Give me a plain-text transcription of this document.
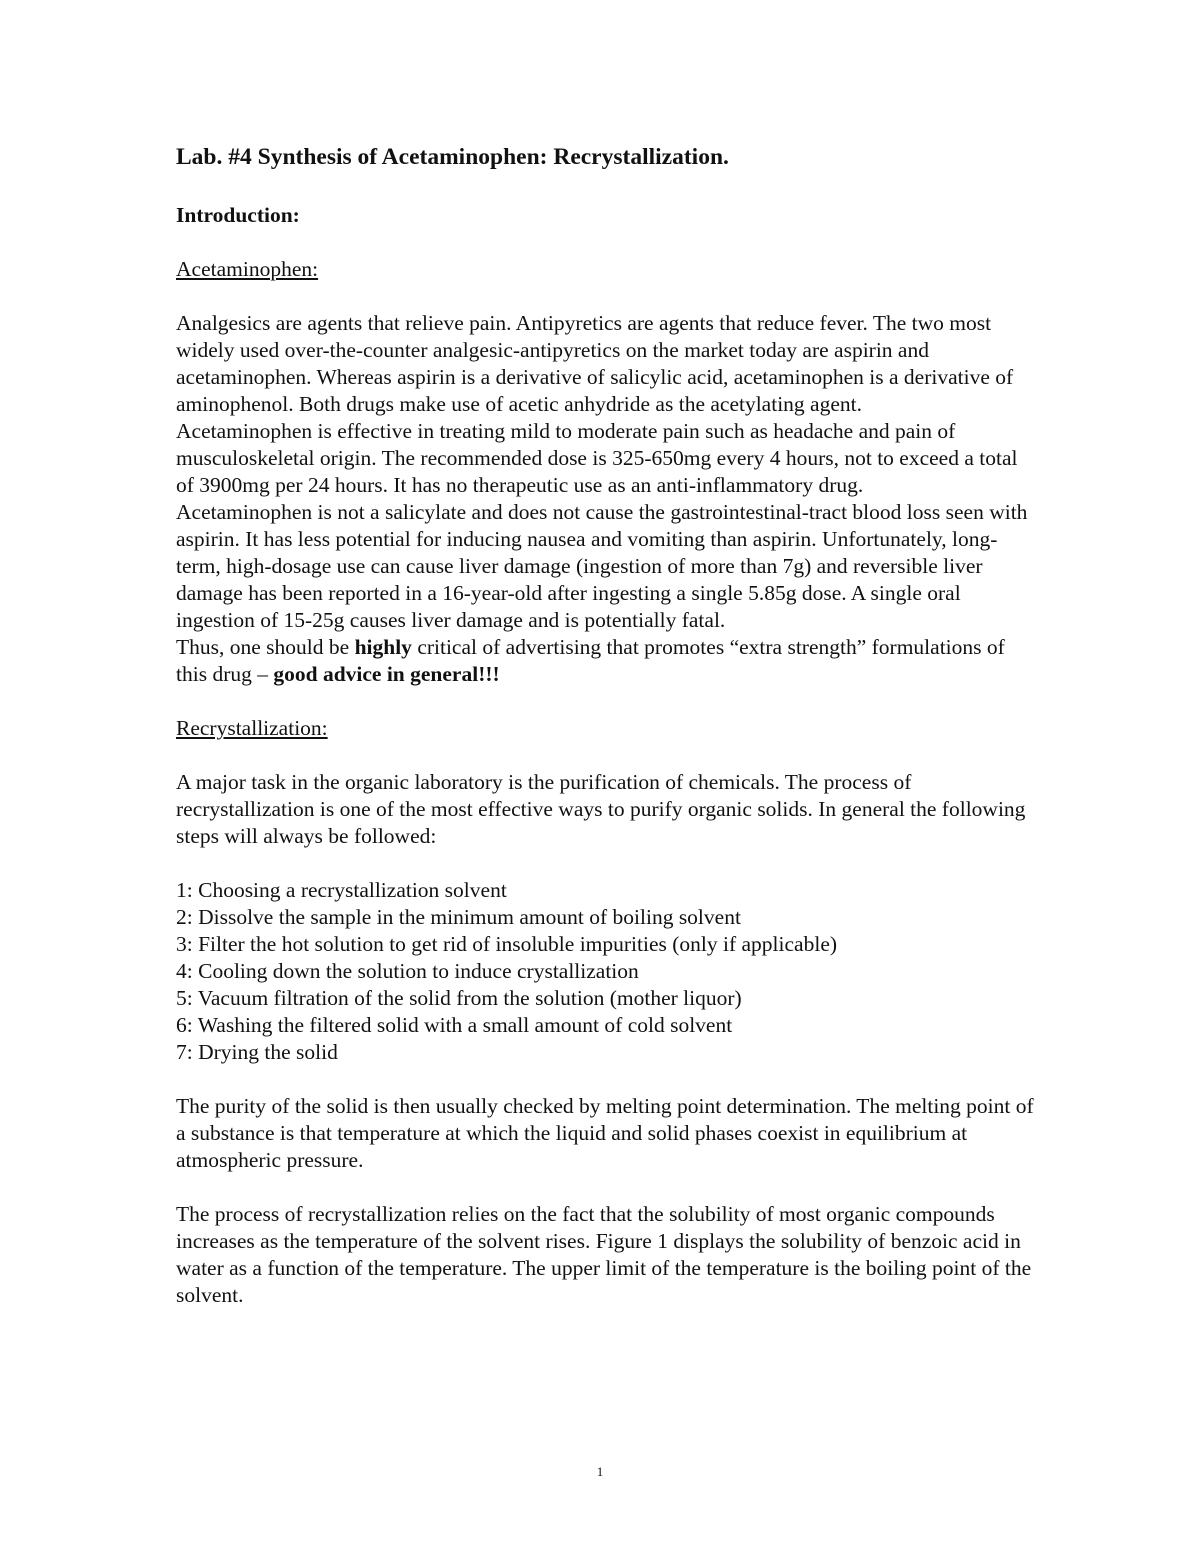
Lab. #4 Synthesis of Acetaminophen: Recrystallization.
Introduction:
Acetaminophen:

Analgesics are agents that relieve pain. Antipyretics are agents that reduce fever. The two most widely used over-the-counter analgesic-antipyretics on the market today are aspirin and acetaminophen. Whereas aspirin is a derivative of salicylic acid, acetaminophen is a derivative of aminophenol. Both drugs make use of acetic anhydride as the acetylating agent.

Acetaminophen is effective in treating mild to moderate pain such as headache and pain of musculoskeletal origin. The recommended dose is 325-650mg every 4 hours, not to exceed a total of 3900mg per 24 hours. It has no therapeutic use as an anti-inflammatory drug.

Acetaminophen is not a salicylate and does not cause the gastrointestinal-tract blood loss seen with aspirin. It has less potential for inducing nausea and vomiting than aspirin. Unfortunately, long-term, high-dosage use can cause liver damage (ingestion of more than 7g) and reversible liver damage has been reported in a 16-year-old after ingesting a single 5.85g dose. A single oral ingestion of 15-25g causes liver damage and is potentially fatal.

Thus, one should be highly critical of advertising that promotes “extra strength” formulations of this drug – good advice in general!!!

Recrystallization:

A major task in the organic laboratory is the purification of chemicals. The process of recrystallization is one of the most effective ways to purify organic solids. In general the following steps will always be followed:

1: Choosing a recrystallization solvent
2: Dissolve the sample in the minimum amount of boiling solvent
3: Filter the hot solution to get rid of insoluble impurities (only if applicable)
4: Cooling down the solution to induce crystallization
5: Vacuum filtration of the solid from the solution (mother liquor)
6: Washing the filtered solid with a small amount of cold solvent
7: Drying the solid

The purity of the solid is then usually checked by melting point determination. The melting point of a substance is that temperature at which the liquid and solid phases coexist in equilibrium at atmospheric pressure.

The process of recrystallization relies on the fact that the solubility of most organic compounds increases as the temperature of the solvent rises. Figure 1 displays the solubility of benzoic acid in water as a function of the temperature. The upper limit of the temperature is the boiling point of the solvent.

1
